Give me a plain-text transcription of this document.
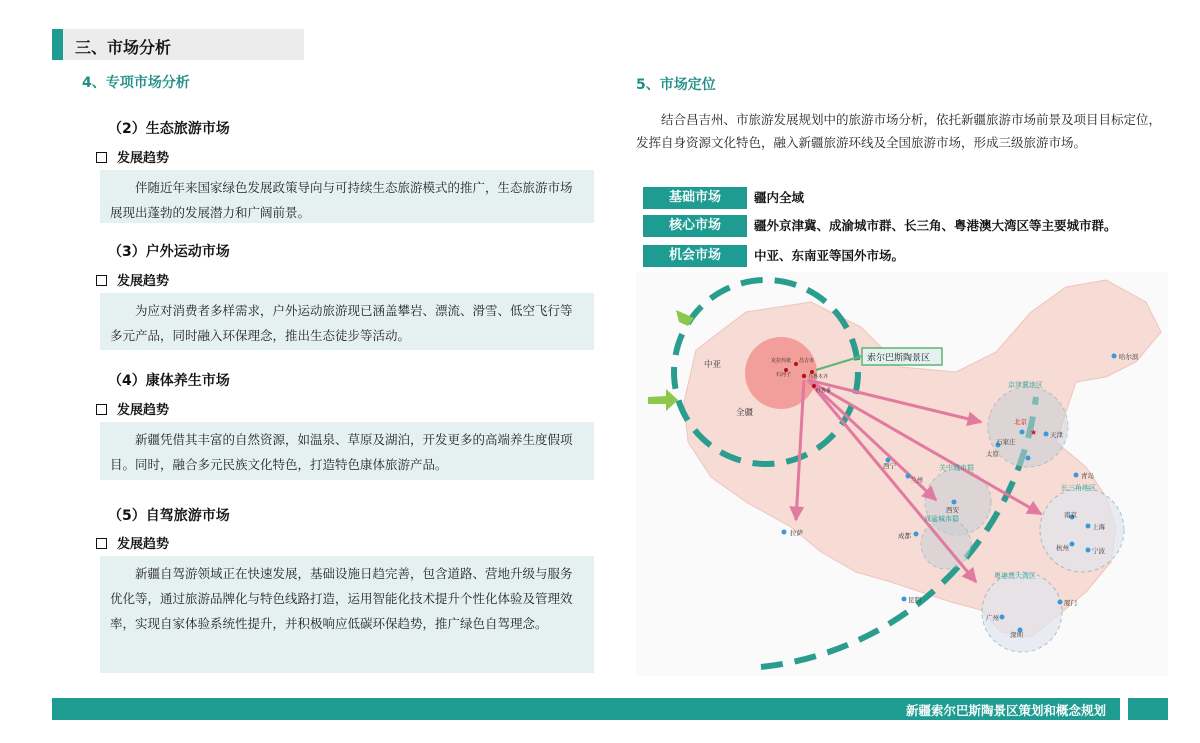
三、市场分析
4、专项市场分析
（2）生态旅游市场
发展趋势
伴随近年来国家绿色发展政策导向与可持续生态旅游模式的推广，生态旅游市场展现出蓬勃的发展潜力和广阔前景。
（3）户外运动市场
发展趋势
为应对消费者多样需求，户外运动旅游现已涵盖攀岩、漂流、滑雪、低空飞行等多元产品，同时融入环保理念，推出生态徒步等活动。
（4）康体养生市场
发展趋势
新疆凭借其丰富的自然资源，如温泉、草原及湖泊，开发更多的高端养生度假项目。同时，融合多元民族文化特色，打造特色康体旅游产品。
（5）自驾旅游市场
发展趋势
新疆自驾游领域正在快速发展，基础设施日趋完善，包含道路、营地升级与服务优化等，通过旅游品牌化与特色线路打造，运用智能化技术提升个性化体验及管理效率，实现自家体验系统性提升，并积极响应低碳环保趋势，推广绿色自驾理念。
5、市场定位
结合昌吉州、市旅游发展规划中的旅游市场分析，依托新疆旅游市场前景及项目目标定位，发挥自身资源文化特色，融入新疆旅游环线及全国旅游市场，形成三级旅游市场。
基础市场	疆内全域
核心市场	疆外京津冀、成渝城市群、长三角、粤港澳大湾区等主要城市群。
机会市场	中亚、东南亚等国外市场。
索尔巴斯陶景区
中亚
全疆
京津冀地区
关中城市群
成渝城市群
长三角地区
粤港澳大湾区
★
哈尔滨
北京
天津
石家庄
太原
青岛
西宁
兰州
西安
南京
上海
杭州	宁波
成都
拉萨
昆明
广州
深圳
厦门
乌鲁木齐
昌吉市
克拉玛依
石河子
吐鲁番
新疆索尔巴斯陶景区策划和概念规划
